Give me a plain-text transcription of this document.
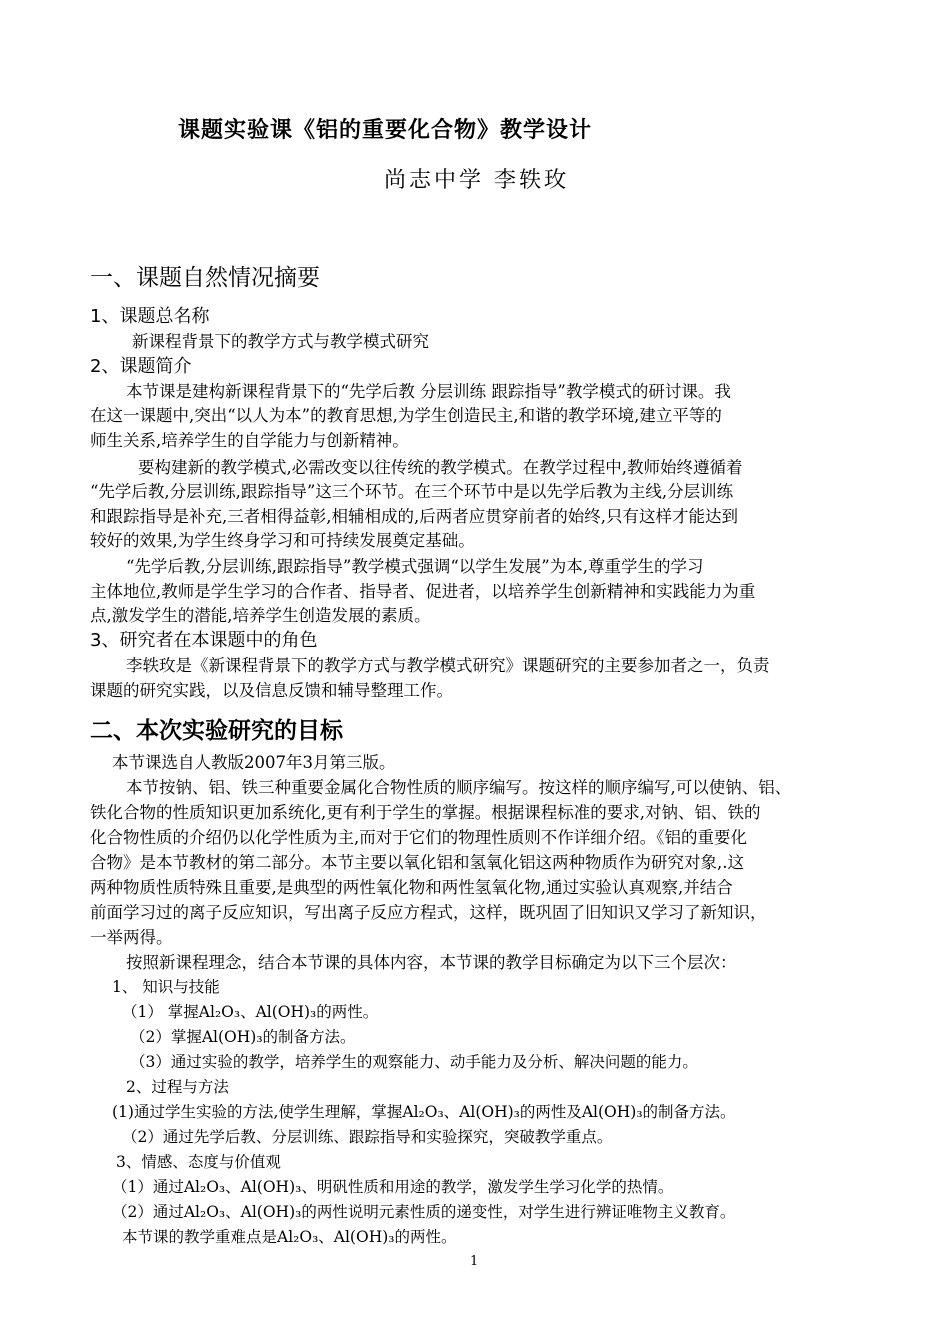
课题实验课《铝的重要化合物》教学设计
尚志中学 李轶玫
一、课题自然情况摘要
1、课题总名称
新课程背景下的教学方式与教学模式研究
2、课题简介
本节课是建构新课程背景下的“先学后教 分层训练 跟踪指导”教学模式的研讨课。我
在这一课题中,突出“以人为本”的教育思想,为学生创造民主,和谐的教学环境,建立平等的
师生关系,培养学生的自学能力与创新精神。
要构建新的教学模式,必需改变以往传统的教学模式。在教学过程中,教师始终遵循着
“先学后教,分层训练,跟踪指导”这三个环节。在三个环节中是以先学后教为主线,分层训练
和跟踪指导是补充,三者相得益彰,相辅相成的,后两者应贯穿前者的始终,只有这样才能达到
较好的效果,为学生终身学习和可持续发展奠定基础。
“先学后教,分层训练,跟踪指导”教学模式强调“以学生发展”为本,尊重学生的学习
主体地位,教师是学生学习的合作者、指导者、促进者，以培养学生创新精神和实践能力为重
点,激发学生的潜能,培养学生创造发展的素质。
3、研究者在本课题中的角色
李轶玫是《新课程背景下的教学方式与教学模式研究》课题研究的主要参加者之一，负责
课题的研究实践，以及信息反馈和辅导整理工作。
二、本次实验研究的目标
本节课选自人教版2007年3月第三版。
本节按钠、铝、铁三种重要金属化合物性质的顺序编写。按这样的顺序编写,可以使钠、铝、
铁化合物的性质知识更加系统化,更有利于学生的掌握。根据课程标准的要求,对钠、铝、铁的
化合物性质的介绍仍以化学性质为主,而对于它们的物理性质则不作详细介绍。《铝的重要化
合物》是本节教材的第二部分。本节主要以氧化铝和氢氧化铝这两种物质作为研究对象,.这
两种物质性质特殊且重要,是典型的两性氧化物和两性氢氧化物,通过实验认真观察,并结合
前面学习过的离子反应知识，写出离子反应方程式，这样，既巩固了旧知识又学习了新知识，
一举两得。
按照新课程理念，结合本节课的具体内容，本节课的教学目标确定为以下三个层次：
1、 知识与技能
（1） 掌握Al₂O₃、Al(OH)₃的两性。
（2）掌握Al(OH)₃的制备方法。
（3）通过实验的教学，培养学生的观察能力、动手能力及分析、解决问题的能力。
2、过程与方法
(1)通过学生实验的方法,使学生理解，掌握Al₂O₃、Al(OH)₃的两性及Al(OH)₃的制备方法。
（2）通过先学后教、分层训练、跟踪指导和实验探究，突破教学重点。
3、情感、态度与价值观
（1）通过Al₂O₃、Al(OH)₃、明矾性质和用途的教学，激发学生学习化学的热情。
（2）通过Al₂O₃、Al(OH)₃的两性说明元素性质的递变性，对学生进行辨证唯物主义教育。
本节课的教学重难点是Al₂O₃、Al(OH)₃的两性。
1
